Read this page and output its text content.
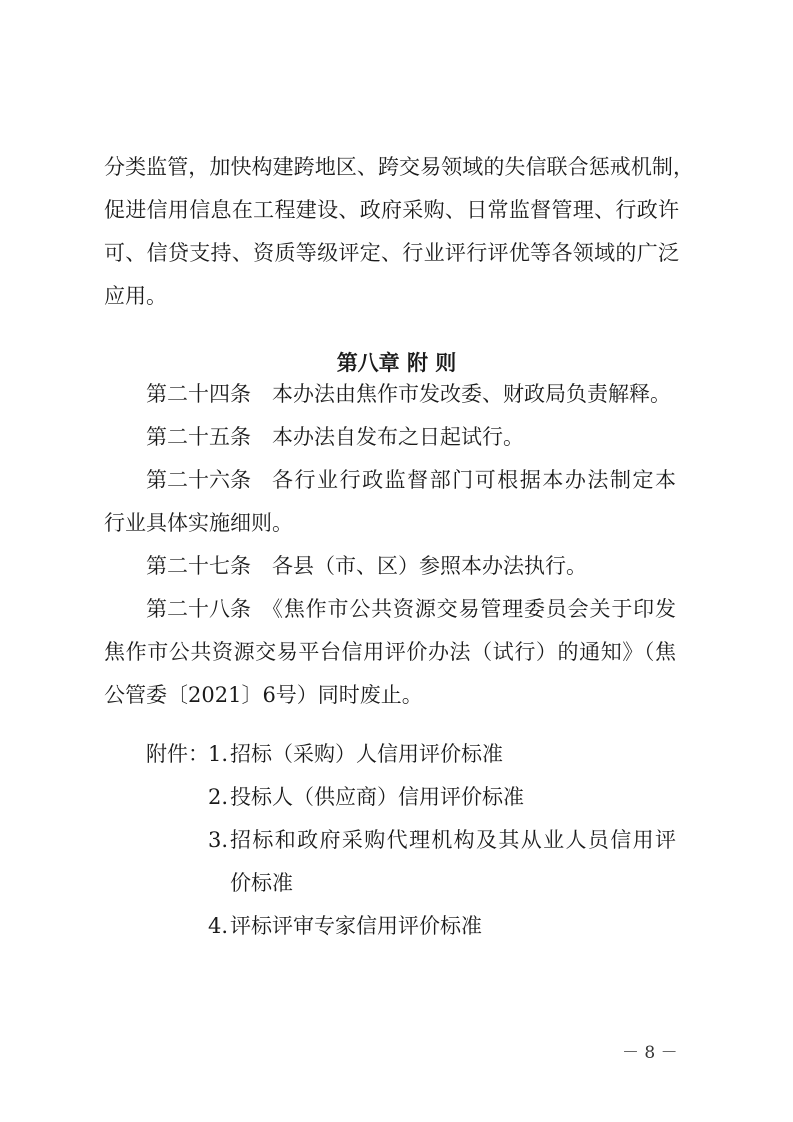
分类监管，加快构建跨地区、跨交易领域的失信联合惩戒机制，
促进信用信息在工程建设、政府采购、日常监督管理、行政许
可、信贷支持、资质等级评定、行业评行评优等各领域的广泛
应用。
第八章 附 则
第二十四条 本办法由焦作市发改委、财政局负责解释。
第二十五条 本办法自发布之日起试行。
第二十六条 各行业行政监督部门可根据本办法制定本
行业具体实施细则。
第二十七条 各县（市、区）参照本办法执行。
第二十八条 《焦作市公共资源交易管理委员会关于印发
焦作市公共资源交易平台信用评价办法（试行）的通知》（焦
公管委〔2021〕6号）同时废止。
附件： 1. 招标（采购）人信用评价标准
2. 投标人（供应商）信用评价标准
3. 招标和政府采购代理机构及其从业人员信用评
价标准
4. 评标评审专家信用评价标准
－ 8 －
